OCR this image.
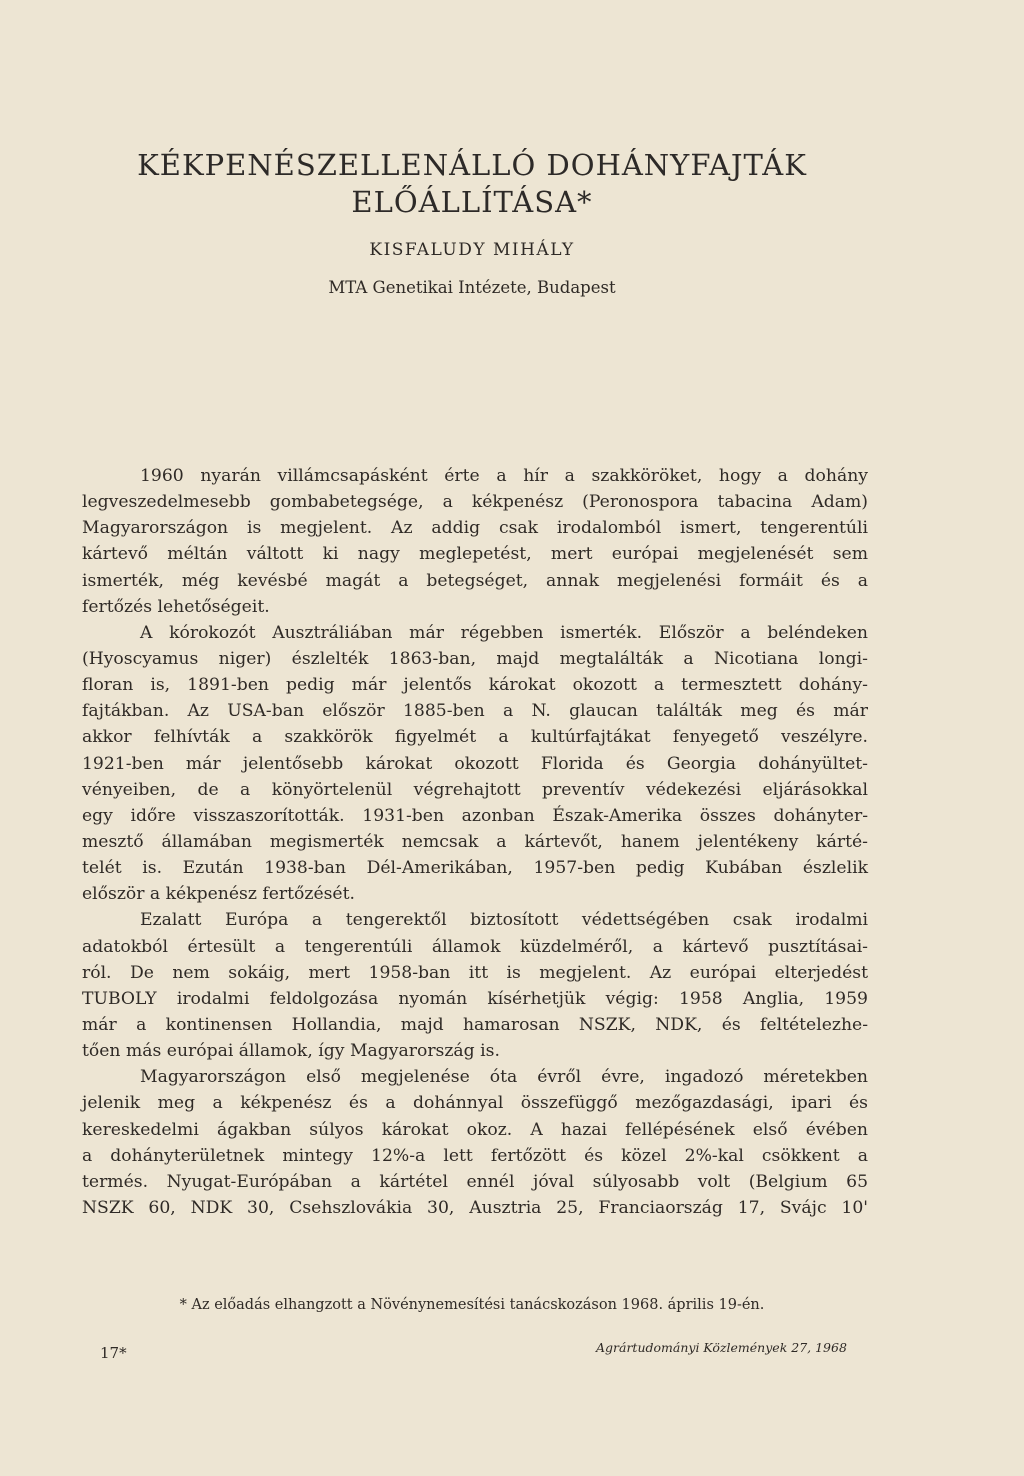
KÉKPENÉSZELLENÁLLÓ DOHÁNYFAJTÁK
ELŐÁLLÍTÁSA*
KISFALUDY MIHÁLY
MTA Genetikai Intézete, Budapest
1960 nyarán villámcsapásként érte a hír a szakköröket, hogy a dohány
legveszedelmesebb gombabetegsége, a kékpenész (Peronospora tabacina Adam)
Magyarországon is megjelent. Az addig csak irodalomból ismert, tengerentúli
kártevő méltán váltott ki nagy meglepetést, mert európai megjelenését sem
ismerték, még kevésbé magát a betegséget, annak megjelenési formáit és a
fertőzés lehetőségeit.
A kórokozót Ausztráliában már régebben ismerték. Először a beléndeken
(Hyoscyamus niger) észlelték 1863-ban, majd megtalálták a Nicotiana longi-
floran is, 1891-ben pedig már jelentős károkat okozott a termesztett dohány-
fajtákban. Az USA-ban először 1885-ben a N. glaucan találták meg és már
akkor felhívták a szakkörök figyelmét a kultúrfajtákat fenyegető veszélyre.
1921-ben már jelentősebb károkat okozott Florida és Georgia dohányültet-
vényeiben, de a könyörtelenül végrehajtott preventív védekezési eljárásokkal
egy időre visszaszorították. 1931-ben azonban Észak-Amerika összes dohányter-
mesztő államában megismerték nemcsak a kártevőt, hanem jelentékeny kárté-
telét is. Ezután 1938-ban Dél-Amerikában, 1957-ben pedig Kubában észlelik
először a kékpenész fertőzését.
Ezalatt Európa a tengerektől biztosított védettségében csak irodalmi
adatokból értesült a tengerentúli államok küzdelméről, a kártevő pusztításai-
ról. De nem sokáig, mert 1958-ban itt is megjelent. Az európai elterjedést
TUBOLY irodalmi feldolgozása nyomán kísérhetjük végig: 1958 Anglia, 1959
már a kontinensen Hollandia, majd hamarosan NSZK, NDK, és feltételezhe-
tően más európai államok, így Magyarország is.
Magyarországon első megjelenése óta évről évre, ingadozó méretekben
jelenik meg a kékpenész és a dohánnyal összefüggő mezőgazdasági, ipari és
kereskedelmi ágakban súlyos károkat okoz. A hazai fellépésének első évében
a dohányterületnek mintegy 12%-a lett fertőzött és közel 2%-kal csökkent a
termés. Nyugat-Európában a kártétel ennél jóval súlyosabb volt (Belgium 65
NSZK 60, NDK 30, Csehszlovákia 30, Ausztria 25, Franciaország 17, Svájc 10'
* Az előadás elhangzott a Növénynemesítési tanácskozáson 1968. április 19-én.
17*	Agrártudományi Közlemények 27, 1968
